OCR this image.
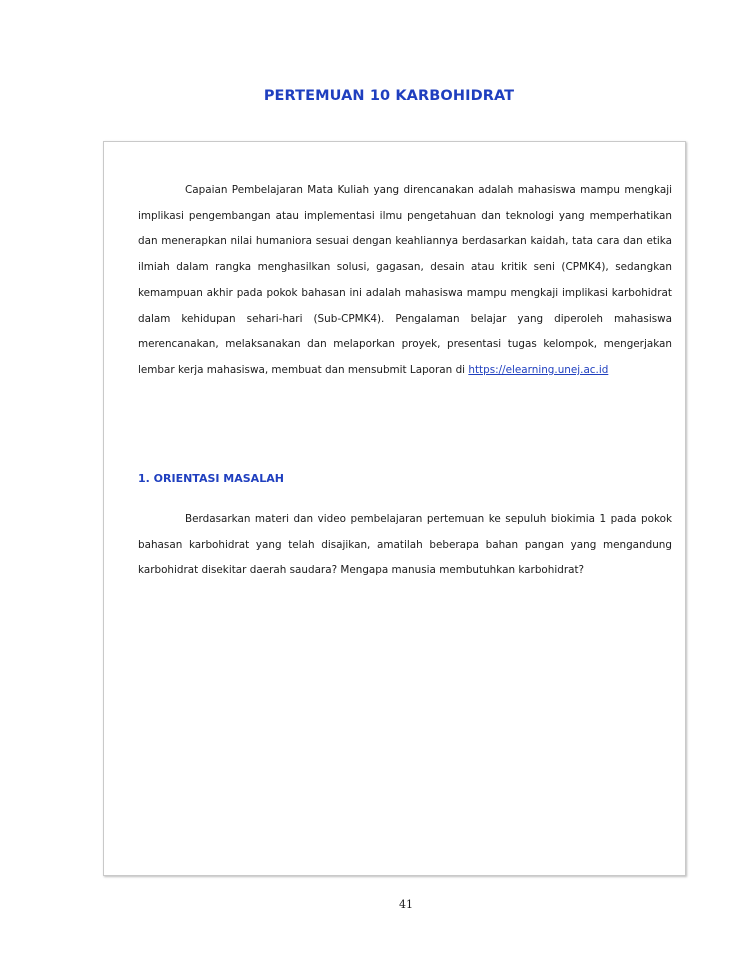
PERTEMUAN 10 KARBOHIDRAT

Capaian Pembelajaran Mata Kuliah yang direncanakan adalah mahasiswa mampu mengkaji implikasi pengembangan atau implementasi ilmu pengetahuan dan teknologi yang memperhatikan dan menerapkan nilai humaniora sesuai dengan keahliannya berdasarkan kaidah, tata cara dan etika ilmiah dalam rangka menghasilkan solusi, gagasan, desain atau kritik seni (CPMK4), sedangkan kemampuan akhir pada pokok bahasan ini adalah mahasiswa mampu mengkaji implikasi karbohidrat dalam kehidupan sehari-hari (Sub-CPMK4). Pengalaman belajar yang diperoleh mahasiswa merencanakan, melaksanakan dan melaporkan proyek, presentasi tugas kelompok, mengerjakan lembar kerja mahasiswa, membuat dan mensubmit Laporan di https://elearning.unej.ac.id

1. ORIENTASI MASALAH

Berdasarkan materi dan video pembelajaran pertemuan ke sepuluh biokimia 1 pada pokok bahasan karbohidrat yang telah disajikan, amatilah beberapa bahan pangan yang mengandung karbohidrat disekitar daerah saudara? Mengapa manusia membutuhkan karbohidrat?

41
